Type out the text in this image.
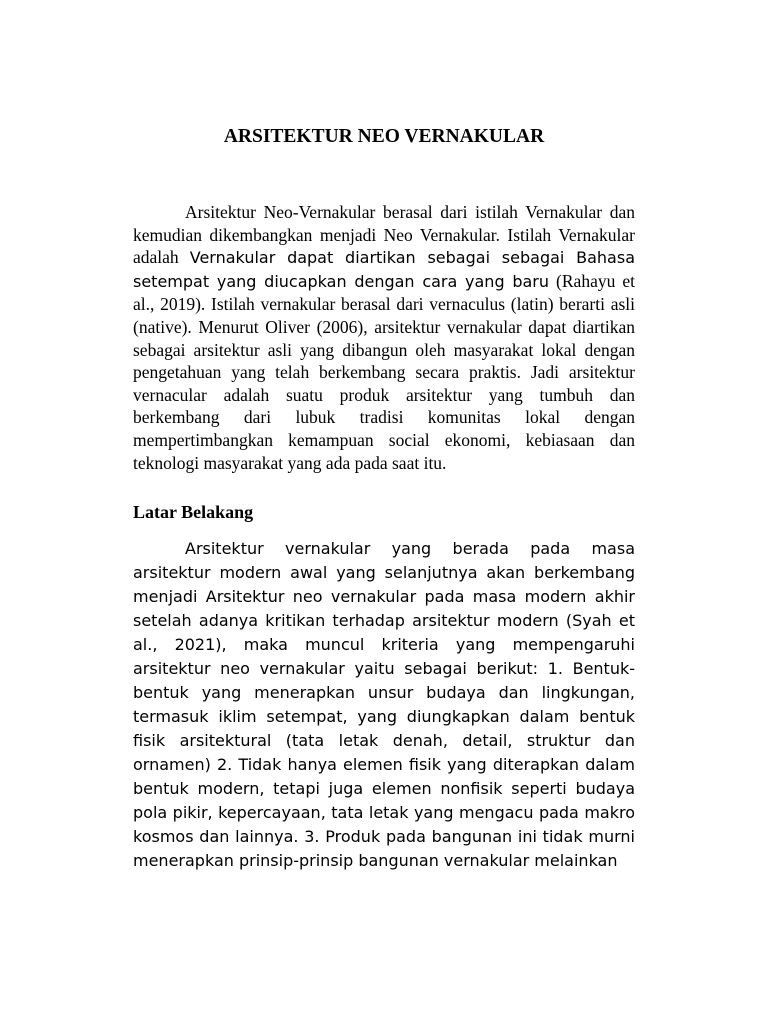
ARSITEKTUR NEO VERNAKULAR

Arsitektur Neo-Vernakular berasal dari istilah Vernakular dan kemudian dikembangkan menjadi Neo Vernakular. Istilah Vernakular adalah Vernakular dapat diartikan sebagai sebagai Bahasa setempat yang diucapkan dengan cara yang baru (Rahayu et al., 2019). Istilah vernakular berasal dari vernaculus (latin) berarti asli (native). Menurut Oliver (2006), arsitektur vernakular dapat diartikan sebagai arsitektur asli yang dibangun oleh masyarakat lokal dengan pengetahuan yang telah berkembang secara praktis. Jadi arsitektur vernacular adalah suatu produk arsitektur yang tumbuh dan berkembang dari lubuk tradisi komunitas lokal dengan mempertimbangkan kemampuan social ekonomi, kebiasaan dan teknologi masyarakat yang ada pada saat itu.

Latar Belakang

Arsitektur vernakular yang berada pada masa arsitektur modern awal yang selanjutnya akan berkembang menjadi Arsitektur neo vernakular pada masa modern akhir setelah adanya kritikan terhadap arsitektur modern (Syah et al., 2021), maka muncul kriteria yang mempengaruhi arsitektur neo vernakular yaitu sebagai berikut: 1. Bentuk-bentuk yang menerapkan unsur budaya dan lingkungan, termasuk iklim setempat, yang diungkapkan dalam bentuk fisik arsitektural (tata letak denah, detail, struktur dan ornamen) 2. Tidak hanya elemen fisik yang diterapkan dalam bentuk modern, tetapi juga elemen nonfisik seperti budaya pola pikir, kepercayaan, tata letak yang mengacu pada makro kosmos dan lainnya. 3. Produk pada bangunan ini tidak murni menerapkan prinsip-prinsip bangunan vernakular melainkan
